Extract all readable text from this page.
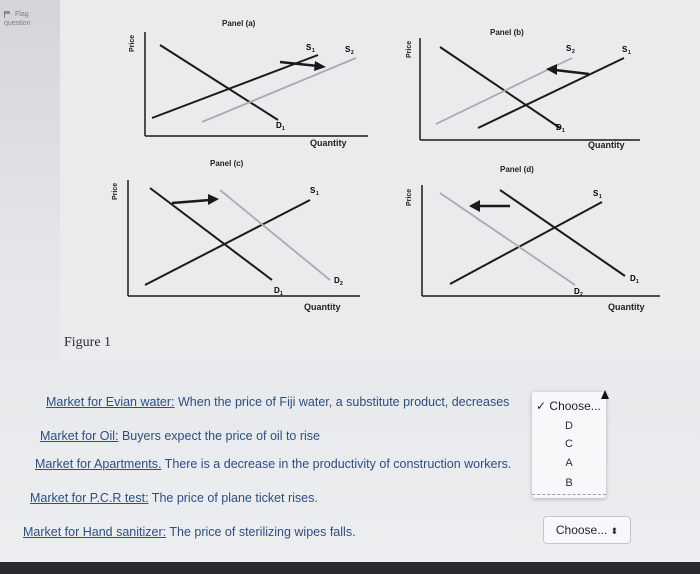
Flag
question	Panel (a)
Price	S 1	S 2
D 1
Quantity
Panel (b)
Price	S 2	S 1
D 1
Quantity
Panel (c)
Price	S 1
D 1
D 2
Quantity
Panel (d)
Price	S 1
D 2
D 1
Quantity
Figure 1
Market for Evian water: When the price of Fiji water, a substitute product, decreases
Market for Oil: Buyers expect the price of oil to rise
Market for Apartments. There is a decrease in the productivity of construction workers.
Market for P.C.R test: The price of plane ticket rises.
Market for Hand sanitizer: The price of sterilizing wipes falls.
✓ Choose...
D
C
A
B
Choose... ⬍
